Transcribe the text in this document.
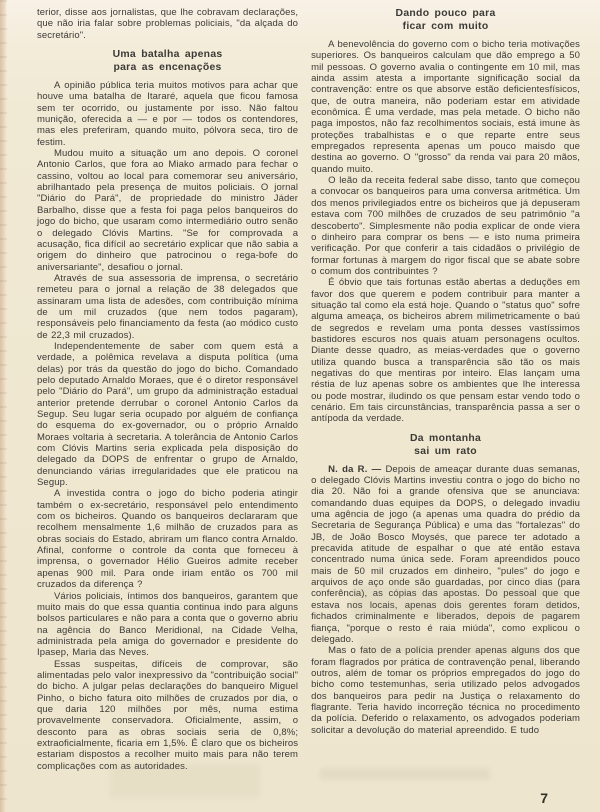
terior, disse aos jornalistas, que lhe cobravam declarações, que não iria falar sobre problemas policiais, "da alçada do secretário".

Uma batalha apenas
para as encenações

A opinião pública teria muitos motivos para achar que houve uma batalha de Itararé, aquela que ficou famosa sem ter ocorrido, ou justamente por isso. Não faltou munição, oferecida a — e por — todos os contendores, mas eles preferiram, quando muito, pólvora seca, tiro de festim.

Mudou muito a situação um ano depois. O coronel Antonio Carlos, que fora ao Miako armado para fechar o cassino, voltou ao local para comemorar seu aniversário, abrilhantado pela presença de muitos policiais. O jornal "Diário do Pará", de propriedade do ministro Jáder Barbalho, disse que a festa foi paga pelos banqueiros do jogo do bicho, que usaram como intermediário outro senão o delegado Clóvis Martins. "Se for comprovada a acusação, fica difícil ao secretário explicar que não sabia a origem do dinheiro que patrocinou o rega-bofe do aniversariante", desafiou o jornal.

Através de sua assessoria de imprensa, o secretário remeteu para o jornal a relação de 38 delegados que assinaram uma lista de adesões, com contribuição mínima de um mil cruzados (que nem todos pagaram), responsáveis pelo financiamento da festa (ao módico custo de 22,3 mil cruzados).

Independentemente de saber com quem está a verdade, a polêmica revelava a disputa política (uma delas) por trás da questão do jogo do bicho. Comandado pelo deputado Arnaldo Moraes, que é o diretor responsável pelo "Diário do Pará", um grupo da administração estadual anterior pretende derrubar o coronel Antonio Carlos da Segup. Seu lugar seria ocupado por alguém de confiança do esquema do ex-governador, ou o próprio Arnaldo Moraes voltaria à secretaria. A tolerância de Antonio Carlos com Clóvis Martins seria explicada pela disposição do delegado da DOPS de enfrentar o grupo de Arnaldo, denunciando várias irregularidades que ele praticou na Segup.

A investida contra o jogo do bicho poderia atingir também o ex-secretário, responsável pelo entendimento com os bicheiros. Quando os banqueiros declararam que recolhem mensalmente 1,6 milhão de cruzados para as obras sociais do Estado, abriram um flanco contra Arnaldo. Afinal, conforme o controle da conta que forneceu à imprensa, o governador Hélio Gueiros admite receber apenas 900 mil. Para onde iriam então os 700 mil cruzados da diferença ?

Vários policiais, íntimos dos banqueiros, garantem que muito mais do que essa quantia continua indo para alguns bolsos particulares e não para a conta que o governo abriu na agência do Banco Meridional, na Cidade Velha, administrada pela amiga do governador e presidente do Ipasep, Maria das Neves.

Essas suspeitas, difíceis de comprovar, são alimentadas pelo valor inexpressivo da "contribuição social" do bicho. A julgar pelas declarações do banqueiro Miguel Pinho, o bicho fatura oito milhões de cruzados por dia, o que daria 120 milhões por mês, numa estima provavelmente conservadora. Oficialmente, assim, o desconto para as obras sociais seria de 0,8%; extraoficialmente, ficaria em 1,5%. É claro que os bicheiros estariam dispostos a recolher muito mais para não terem complicações com as autoridades.

Dando pouco para
ficar com muito

A benevolência do governo com o bicho teria motivações superiores. Os banqueiros calculam que dão emprego a 50 mil pessoas. O governo avalia o contingente em 10 mil, mas ainda assim atesta a importante significação social da contravenção: entre os que absorve estão deficientesfísicos, que, de outra maneira, não poderiam estar em atividade econômica. É uma verdade, mas pela metade. O bicho não paga impostos, não faz recolhimentos sociais, está imune às proteções trabalhistas e o que reparte entre seus empregados representa apenas um pouco maisdo que destina ao governo. O "grosso" da renda vai para 20 mãos, quando muito.

O leão da receita federal sabe disso, tanto que começou a convocar os banqueiros para uma conversa aritmética. Um dos menos privilegiados entre os bicheiros que já depuseram estava com 700 milhões de cruzados de seu patrimônio "a descoberto". Simplesmente não podia explicar de onde viera o dinheiro para comprar os bens — e isto numa primeira verificação. Por que conferir a tais cidadãos o privilégio de formar fortunas à margem do rigor fiscal que se abate sobre o comum dos contribuintes ?

É óbvio que tais fortunas estão abertas a deduções em favor dos que querem e podem contribuir para manter a situação tal como ela está hoje. Quando o "status quo" sofre alguma ameaça, os bicheiros abrem milimetricamente o baú de segredos e revelam uma ponta desses vastíssimos bastidores escuros nos quais atuam personagens ocultos. Diante desse quadro, as meias-verdades que o governo utiliza quando busca a transparência são tão os mais negativas do que mentiras por inteiro. Elas lançam uma réstia de luz apenas sobre os ambientes que lhe interessa ou pode mostrar, iludindo os que pensam estar vendo todo o cenário. Em tais circunstâncias, transparência passa a ser o antípoda da verdade.

Da montanha
sai um rato

N. da R. — Depois de ameaçar durante duas semanas, o delegado Clóvis Martins investiu contra o jogo do bicho no dia 20. Não foi a grande ofensiva que se anunciava: comandando duas equipes da DOPS, o delegado invadiu uma agência de jogo (a apenas uma quadra do prédio da Secretaria de Segurança Pública) e uma das "fortalezas" do JB, de João Bosco Moysés, que parece ter adotado a precavida atitude de espalhar o que até então estava concentrado numa única sede. Foram apreendidos pouco mais de 50 mil cruzados em dinheiro, "pules" do jogo e arquivos de aço onde são guardadas, por cinco dias (para conferência), as cópias das apostas. Do pessoal que que estava nos locais, apenas dois gerentes foram detidos, fichados criminalmente e liberados, depois de pagarem fiança, "porque o resto é raia miúda", como explicou o delegado.

Mas o fato de a polícia prender apenas alguns dos que foram flagrados por prática de contravenção penal, liberando outros, além de tomar os próprios empregados do jogo do bicho como testemunhas, seria utilizado pelos advogados dos banqueiros para pedir na Justiça o relaxamento do flagrante. Teria havido incorreção técnica no procedimento da polícia. Deferido o relaxamento, os advogados poderiam solicitar a devolução do material apreendido. E tudo

7
